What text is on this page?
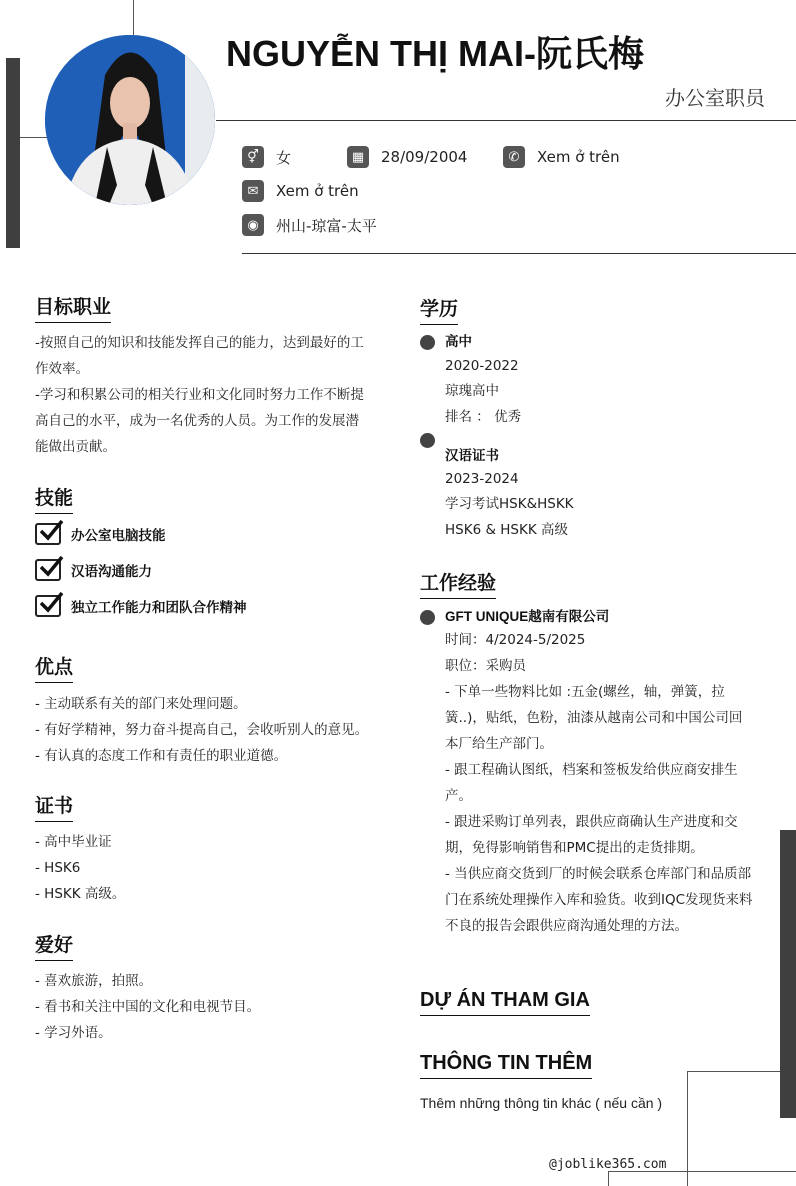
NGUYỄN THỊ MAI-阮氏梅
办公室职员
⚥	女	▦	28/09/2004	✆	Xem ở trên
✉	Xem ở trên
◉	州山-琼富-太平
目标职业
-按照自己的知识和技能发挥自己的能力，达到最好的工
作效率。
-学习和积累公司的相关行业和文化同时努力工作不断提
高自己的水平，成为一名优秀的人员。为工作的发展潜
能做出贡献。
技能
办公室电脑技能
汉语沟通能力
独立工作能力和团队合作精神
优点
- 主动联系有关的部门来处理问题。
- 有好学精神，努力奋斗提高自己，会收听别人的意见。
- 有认真的态度工作和有责任的职业道德。
证书
- 高中毕业证
- HSK6
- HSKK 高级。
爱好
- 喜欢旅游，拍照。
- 看书和关注中国的文化和电视节目。
- 学习外语。
学历
高中
2020-2022
琼瑰高中
排名 ： 优秀
汉语证书
2023-2024
学习考试HSK&HSKK
HSK6 & HSKK 高级
工作经验
GFT UNIQUE越南有限公司
时间：4/2024-5/2025
职位：采购员
- 下单一些物料比如 :五金(螺丝，轴，弹簧，拉
簧..)，贴纸，色粉，油漆从越南公司和中国公司回
本厂给生产部门。
- 跟工程确认图纸，档案和签板发给供应商安排生
产。
- 跟进采购订单列表，跟供应商确认生产进度和交
期，免得影响销售和PMC提出的走货排期。
- 当供应商交货到厂的时候会联系仓库部门和品质部
门在系统处理操作入库和验货。收到IQC发现货来料
不良的报告会跟供应商沟通处理的方法。
DỰ ÁN THAM GIA
THÔNG TIN THÊM
Thêm những thông tin khác ( nếu cần )
@joblike365.com
